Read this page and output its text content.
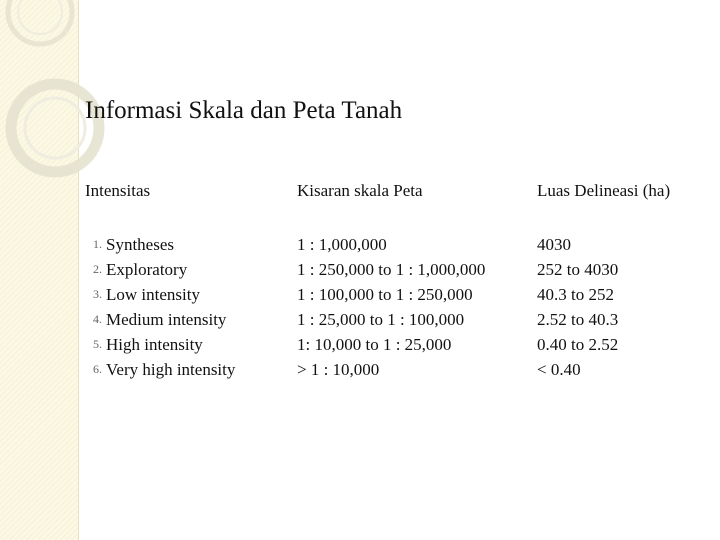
Informasi Skala dan Peta Tanah
Intensitas	Kisaran skala Peta	Luas Delineasi (ha)
1. Syntheses
2. Exploratory
3. Low intensity
4. Medium intensity
5. High intensity
6. Very high intensity
1 : 1,000,000
1 : 250,000 to 1 : 1,000,000
1 : 100,000 to 1 : 250,000
1 : 25,000 to 1 : 100,000
1: 10,000 to 1 : 25,000
> 1 : 10,000
4030
252 to 4030
40.3 to 252
2.52 to 40.3
0.40 to 2.52
< 0.40
